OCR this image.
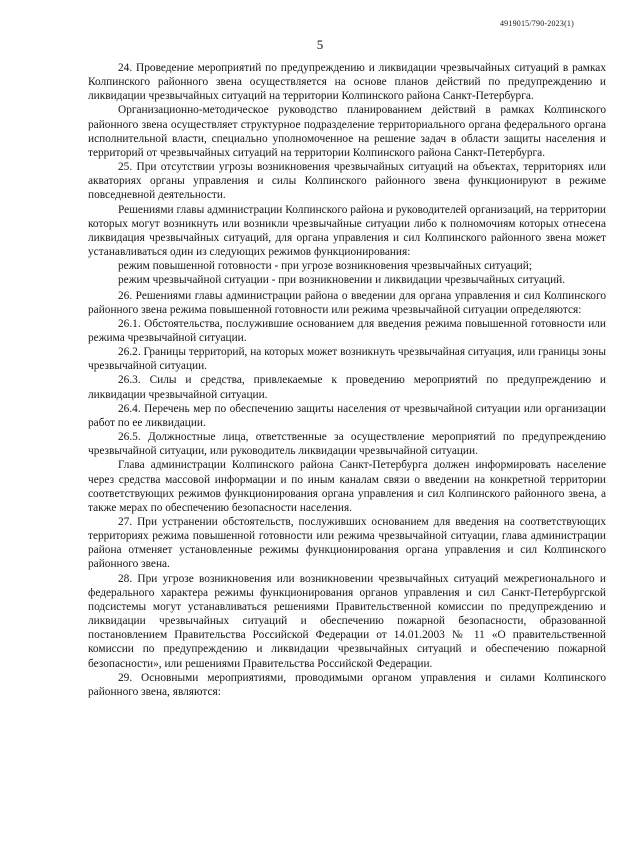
4919015/790-2023(1)
5

24. Проведение мероприятий по предупреждению и ликвидации чрезвычайных ситуаций в рамках Колпинского районного звена осуществляется на основе планов действий по предупреждению и ликвидации чрезвычайных ситуаций на территории Колпинского района Санкт-Петербурга.

Организационно-методическое руководство планированием действий в рамках Колпинского районного звена осуществляет структурное подразделение территориального органа федерального органа исполнительной власти, специально уполномоченное на решение задач в области защиты населения и территорий от чрезвычайных ситуаций на территории Колпинского района Санкт-Петербурга.

25. При отсутствии угрозы возникновения чрезвычайных ситуаций на объектах, территориях или акваториях органы управления и силы Колпинского районного звена функционируют в режиме повседневной деятельности.

Решениями главы администрации Колпинского района и руководителей организаций, на территории которых могут возникнуть или возникли чрезвычайные ситуации либо к полномочиям которых отнесена ликвидация чрезвычайных ситуаций, для органа управления и сил Колпинского районного звена может устанавливаться один из следующих режимов функционирования:

режим повышенной готовности - при угрозе возникновения чрезвычайных ситуаций;

режим чрезвычайной ситуации - при возникновении и ликвидации чрезвычайных ситуаций.

26. Решениями главы администрации района о введении для органа управления и сил Колпинского районного звена режима повышенной готовности или режима чрезвычайной ситуации определяются:

26.1. Обстоятельства, послужившие основанием для введения режима повышенной готовности или режима чрезвычайной ситуации.

26.2. Границы территорий, на которых может возникнуть чрезвычайная ситуация, или границы зоны чрезвычайной ситуации.

26.3. Силы и средства, привлекаемые к проведению мероприятий по предупреждению и ликвидации чрезвычайной ситуации.

26.4. Перечень мер по обеспечению защиты населения от чрезвычайной ситуации или организации работ по ее ликвидации.

26.5. Должностные лица, ответственные за осуществление мероприятий по предупреждению чрезвычайной ситуации, или руководитель ликвидации чрезвычайной ситуации.

Глава администрации Колпинского района Санкт-Петербурга должен информировать население через средства массовой информации и по иным каналам связи о введении на конкретной территории соответствующих режимов функционирования органа управления и сил Колпинского районного звена, а также мерах по обеспечению безопасности населения.

27. При устранении обстоятельств, послуживших основанием для введения на соответствующих территориях режима повышенной готовности или режима чрезвычайной ситуации, глава администрации района отменяет установленные режимы функционирования органа управления и сил Колпинского районного звена.

28. При угрозе возникновения или возникновении чрезвычайных ситуаций межрегионального и федерального характера режимы функционирования органов управления и сил Санкт-Петербургской подсистемы могут устанавливаться решениями Правительственной комиссии по предупреждению и ликвидации чрезвычайных ситуаций и обеспечению пожарной безопасности, образованной постановлением Правительства Российской Федерации от 14.01.2003 № 11 «О правительственной комиссии по предупреждению и ликвидации чрезвычайных ситуаций и обеспечению пожарной безопасности», или решениями Правительства Российской Федерации.

29. Основными мероприятиями, проводимыми органом управления и силами Колпинского районного звена, являются:
